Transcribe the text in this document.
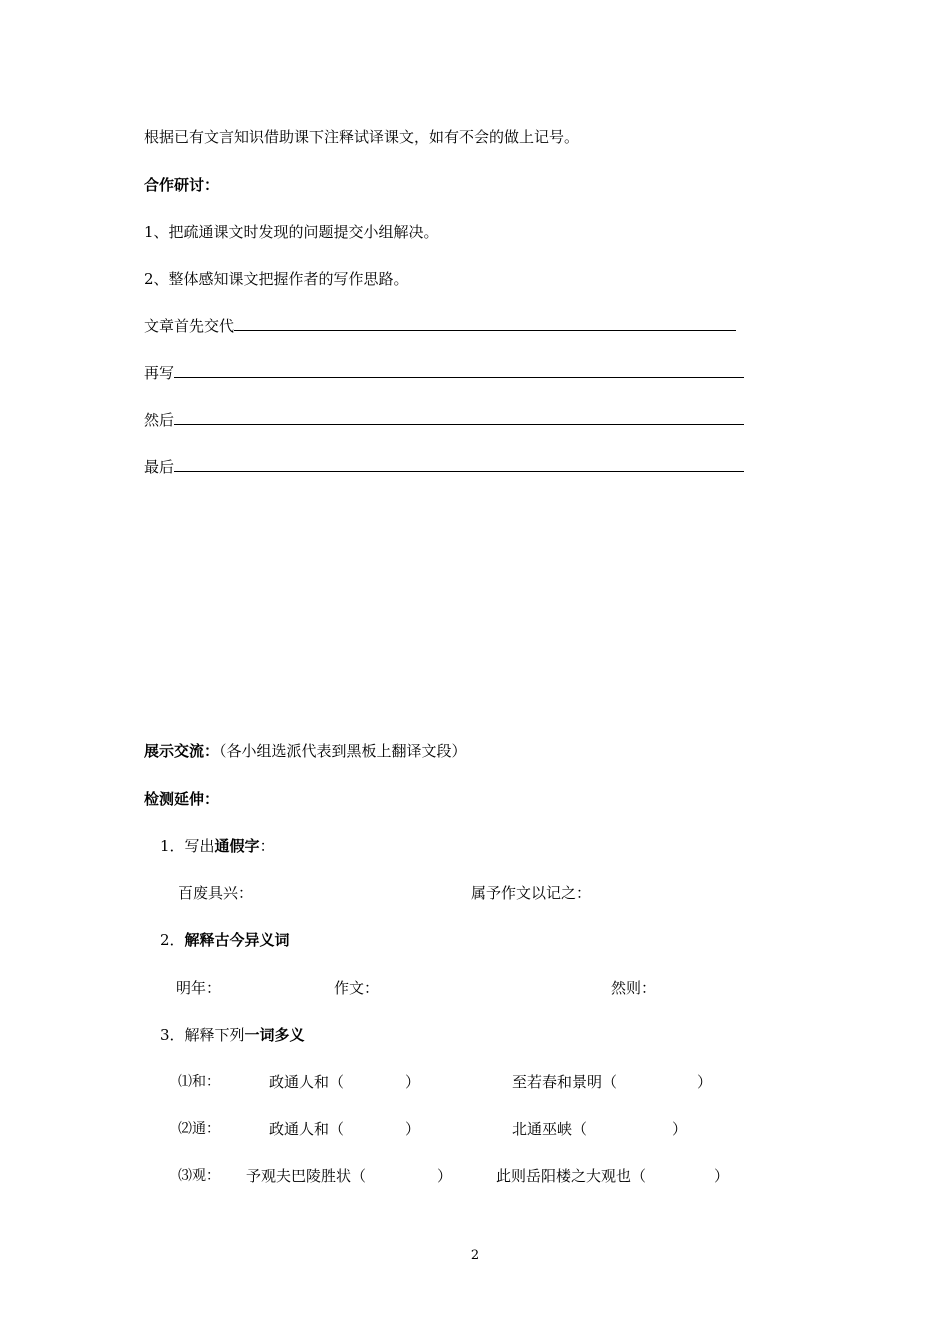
根据已有文言知识借助课下注释试译课文，如有不会的做上记号。
合作研讨：
1、把疏通课文时发现的问题提交小组解决。
2、整体感知课文把握作者的写作思路。
文章首先交代
再写
然后
最后
展示交流：（各小组选派代表到黑板上翻译文段）
检测延伸：
1．写出通假字：
百废具兴：	属予作文以记之：
2．解释古今异义词
明年：	作文：	然则：
3．解释下列一词多义
⑴和：	政通人和（	）	至若春和景明（	）
⑵通：	政通人和（	）	北通巫峡（	）
⑶观： 予观夫巴陵胜状（	）	此则岳阳楼之大观也（	）
2
